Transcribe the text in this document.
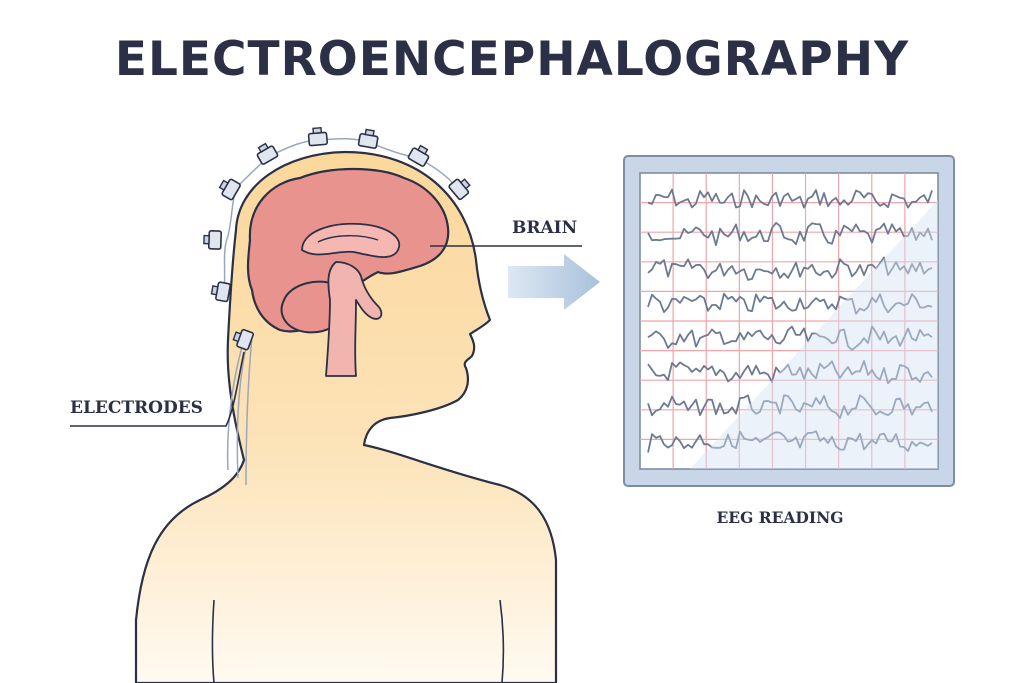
ELECTROENCEPHALOGRAPHY

BRAIN

ELECTRODES

EEG READING
